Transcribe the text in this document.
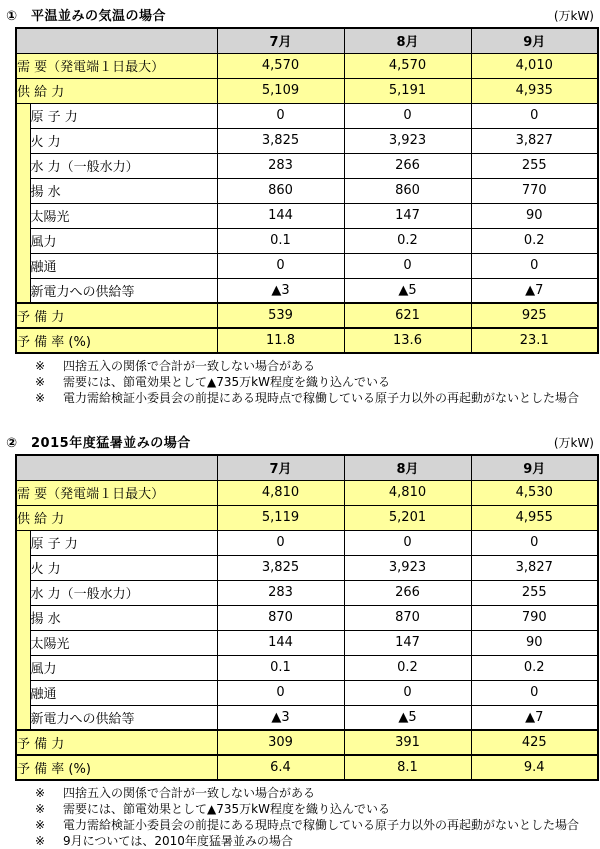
①　平温並みの気温の場合	(万kW)
		7月	8月	9月
需 要（発電端１日最大）		4,570	4,570	4,010
供 給 力		5,109	5,191	4,935
	原 子 力	0	0	0
	火 力	3,825	3,923	3,827
	水 力（一般水力）	283	266	255
	揚 水	860	860	770
	太陽光	144	147	90
	風力	0.1	0.2	0.2
	融通	0	0	0
	新電力への供給等	▲3	▲5	▲7
予 備 力		539	621	925
予 備 率 (%)		11.8	13.6	23.1
※	四捨五入の関係で合計が一致しない場合がある
※	需要には、節電効果として▲735万kW程度を織り込んでいる
※	電力需給検証小委員会の前提にある現時点で稼働している原子力以外の再起動がないとした場合
②　2015年度猛暑並みの場合	(万kW)
		7月	8月	9月
需 要（発電端１日最大）		4,810	4,810	4,530
供 給 力		5,119	5,201	4,955
	原 子 力	0	0	0
	火 力	3,825	3,923	3,827
	水 力（一般水力）	283	266	255
	揚 水	870	870	790
	太陽光	144	147	90
	風力	0.1	0.2	0.2
	融通	0	0	0
	新電力への供給等	▲3	▲5	▲7
予 備 力		309	391	425
予 備 率 (%)		6.4	8.1	9.4
※	四捨五入の関係で合計が一致しない場合がある
※	需要には、節電効果として▲735万kW程度を織り込んでいる
※	電力需給検証小委員会の前提にある現時点で稼働している原子力以外の再起動がないとした場合
※	9月については、2010年度猛暑並みの場合
